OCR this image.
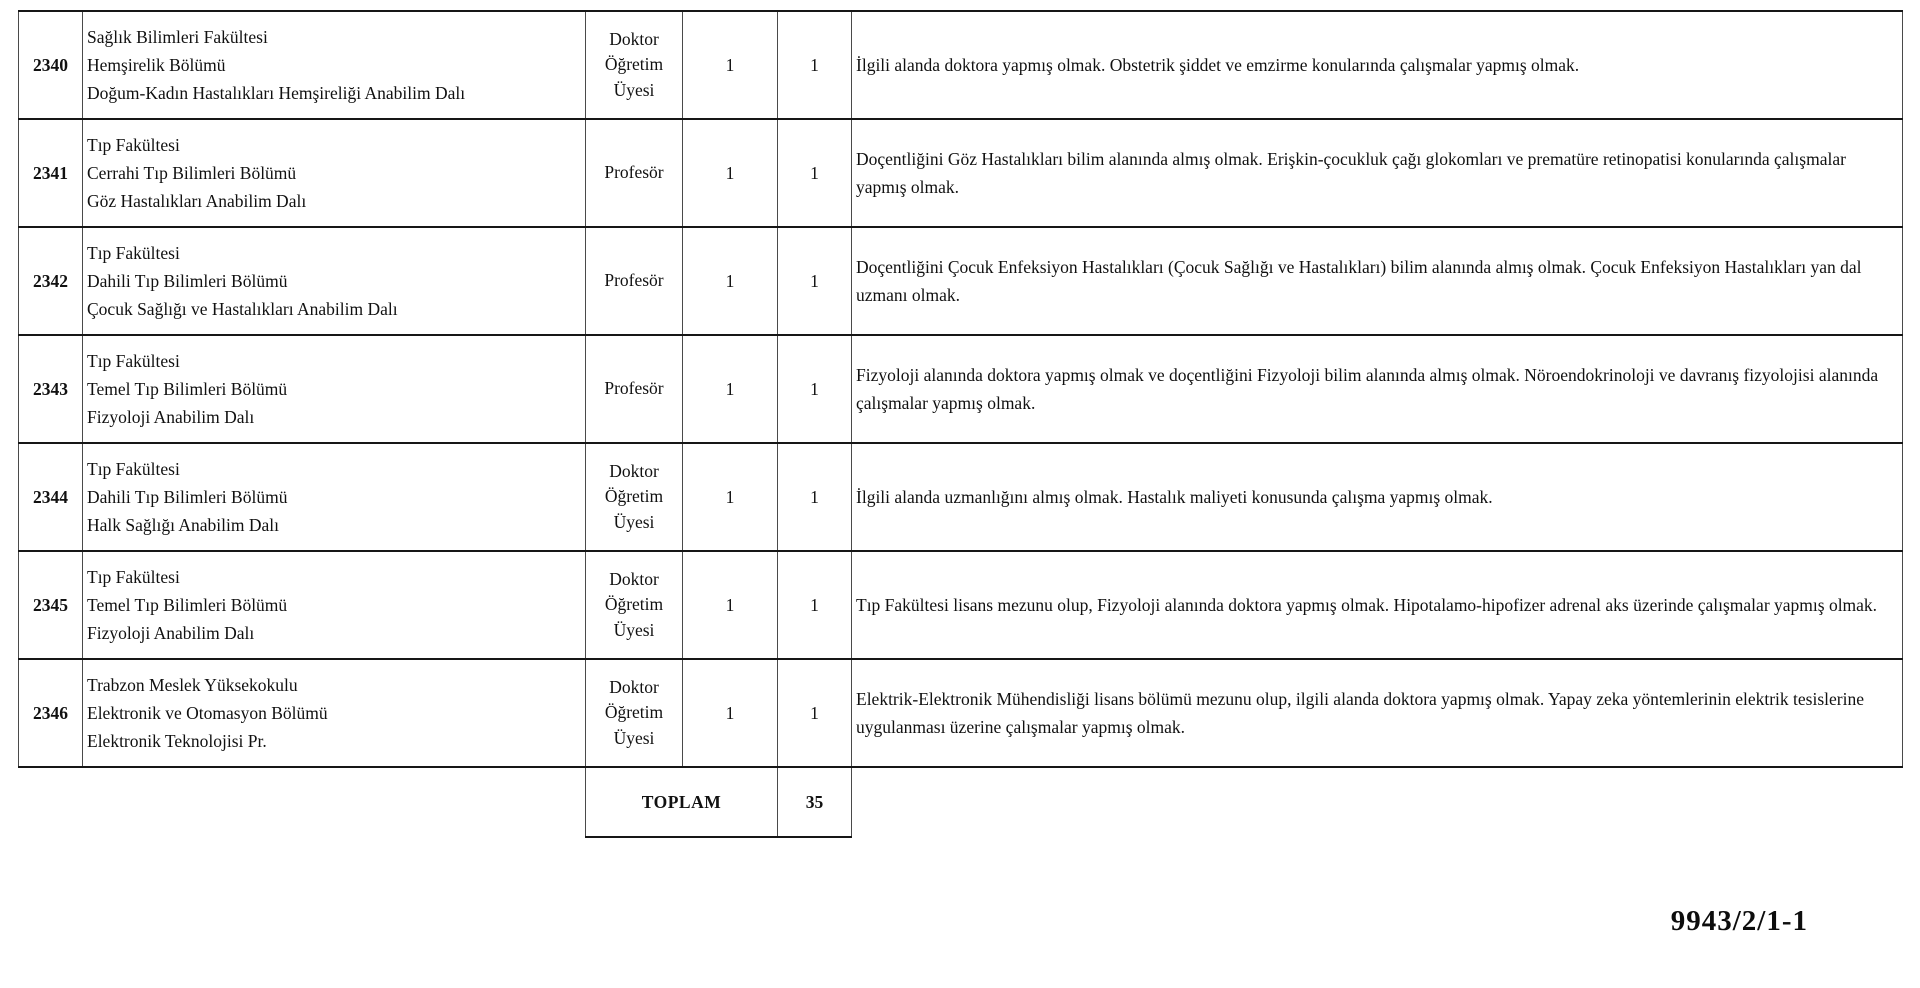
2340	Sağlık Bilimleri Fakültesi
Hemşirelik Bölümü
Doğum-Kadın Hastalıkları Hemşireliği Anabilim Dalı	Doktor Öğretim Üyesi	1	1	İlgili alanda doktora yapmış olmak. Obstetrik şiddet ve emzirme konularında çalışmalar yapmış olmak.
2341	Tıp Fakültesi
Cerrahi Tıp Bilimleri Bölümü
Göz Hastalıkları Anabilim Dalı	Profesör	1	1	Doçentliğini Göz Hastalıkları bilim alanında almış olmak. Erişkin-çocukluk çağı glokomları ve prematüre retinopatisi konularında çalışmalar yapmış olmak.
2342	Tıp Fakültesi
Dahili Tıp Bilimleri Bölümü
Çocuk Sağlığı ve Hastalıkları Anabilim Dalı	Profesör	1	1	Doçentliğini Çocuk Enfeksiyon Hastalıkları (Çocuk Sağlığı ve Hastalıkları) bilim alanında almış olmak. Çocuk Enfeksiyon Hastalıkları yan dal uzmanı olmak.
2343	Tıp Fakültesi
Temel Tıp Bilimleri Bölümü
Fizyoloji Anabilim Dalı	Profesör	1	1	Fizyoloji alanında doktora yapmış olmak ve doçentliğini Fizyoloji bilim alanında almış olmak. Nöroendokrinoloji ve davranış fizyolojisi alanında çalışmalar yapmış olmak.
2344	Tıp Fakültesi
Dahili Tıp Bilimleri Bölümü
Halk Sağlığı Anabilim Dalı	Doktor Öğretim Üyesi	1	1	İlgili alanda uzmanlığını almış olmak. Hastalık maliyeti konusunda çalışma yapmış olmak.
2345	Tıp Fakültesi
Temel Tıp Bilimleri Bölümü
Fizyoloji Anabilim Dalı	Doktor Öğretim Üyesi	1	1	Tıp Fakültesi lisans mezunu olup, Fizyoloji alanında doktora yapmış olmak. Hipotalamo-hipofizer adrenal aks üzerinde çalışmalar yapmış olmak.
2346	Trabzon Meslek Yüksekokulu
Elektronik ve Otomasyon Bölümü
Elektronik Teknolojisi Pr.	Doktor Öğretim Üyesi	1	1	Elektrik-Elektronik Mühendisliği lisans bölümü mezunu olup, ilgili alanda doktora yapmış olmak. Yapay zeka yöntemlerinin elektrik tesislerine uygulanması üzerine çalışmalar yapmış olmak.
		TOPLAM		35	
9943/2/1-1
